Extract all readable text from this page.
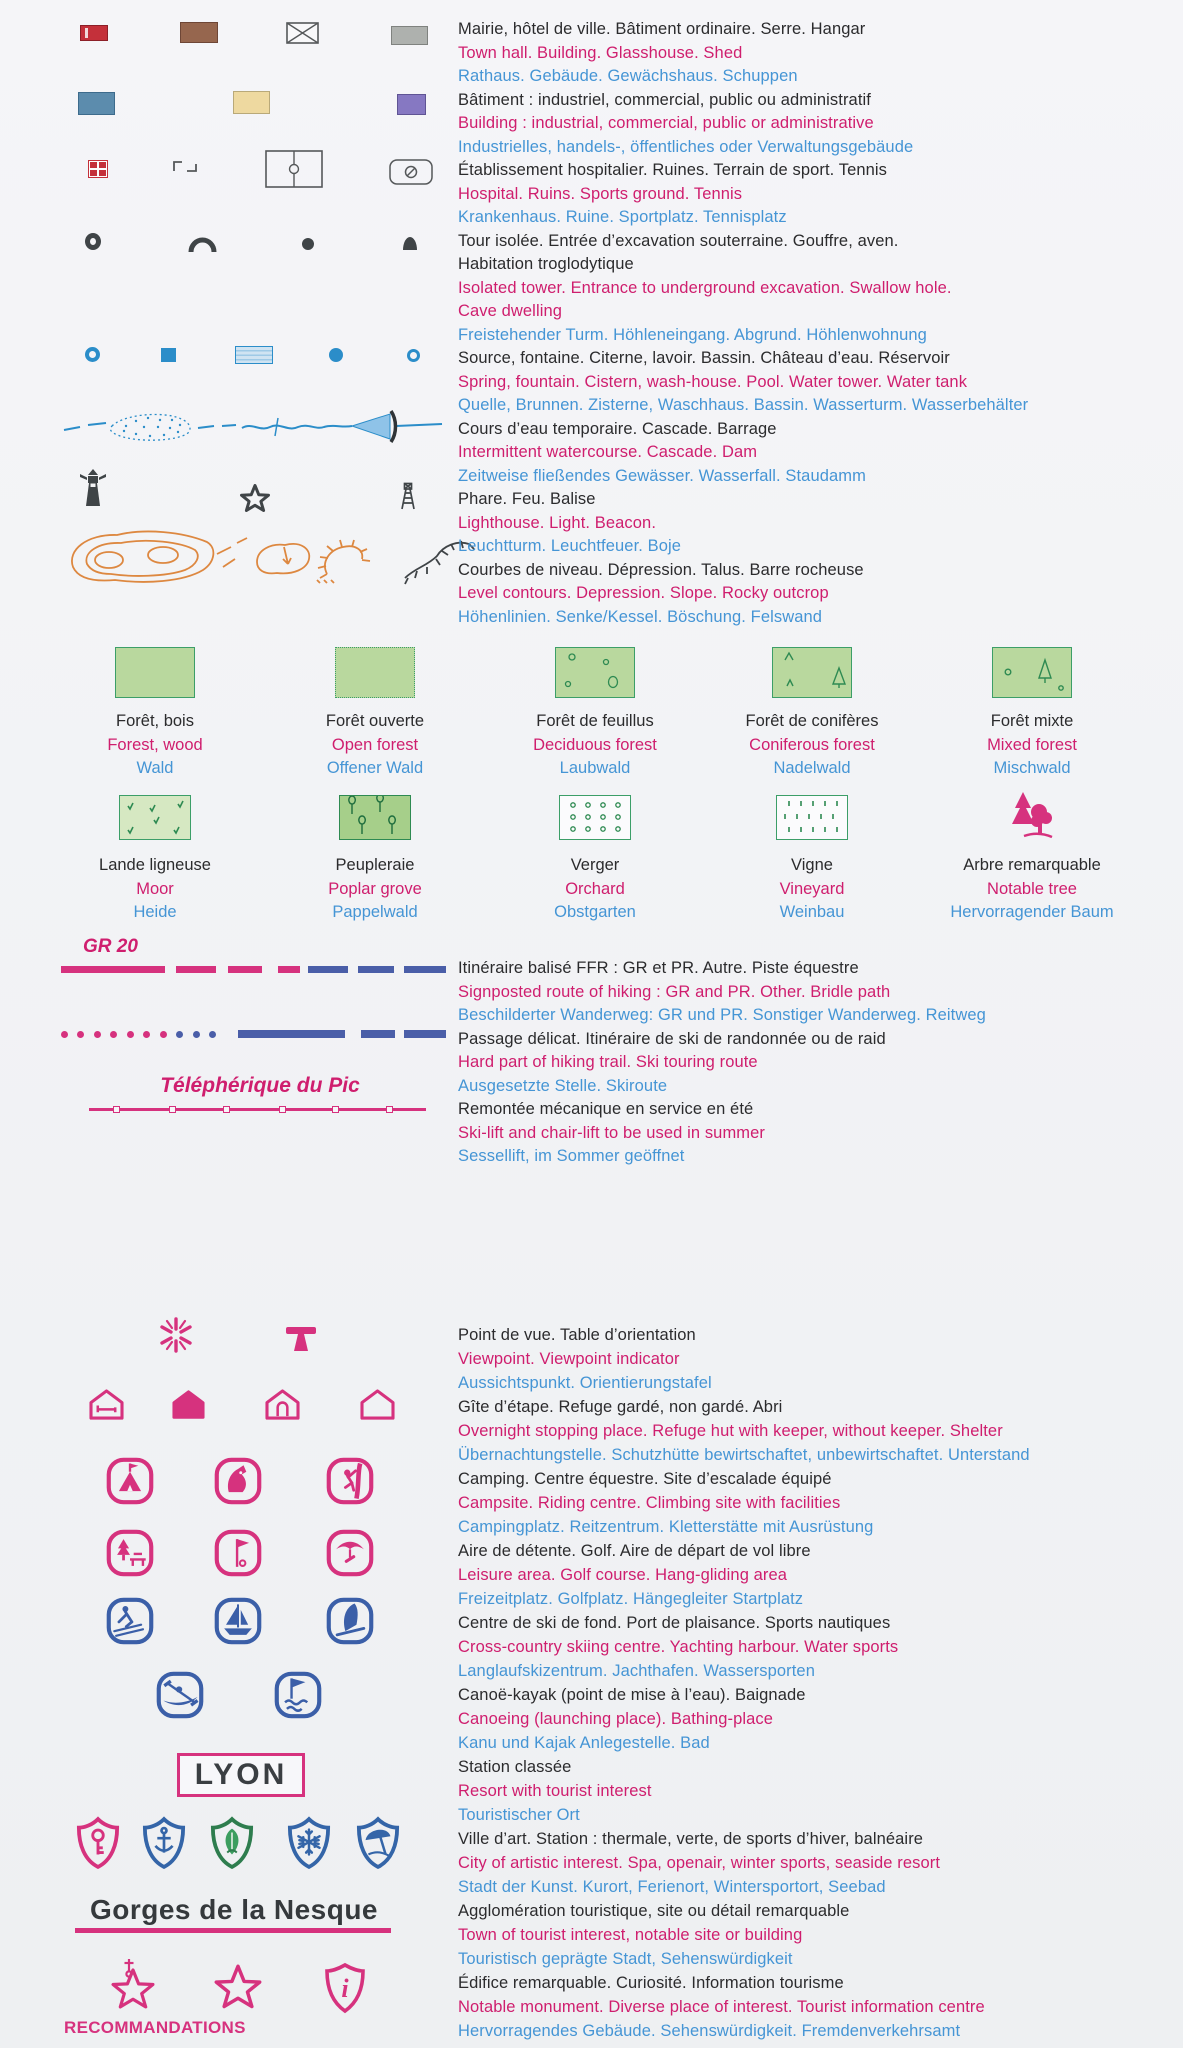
Mairie, hôtel de ville. Bâtiment ordinaire. Serre. Hangar
Town hall. Building. Glasshouse. Shed
Rathaus. Gebäude. Gewächshaus. Schuppen
Bâtiment : industriel, commercial, public ou administratif
Building : industrial, commercial, public or administrative
Industrielles, handels-, öffentliches oder Verwaltungsgebäude
Établissement hospitalier. Ruines. Terrain de sport. Tennis
Hospital. Ruins. Sports ground. Tennis
Krankenhaus. Ruine. Sportplatz. Tennisplatz
Tour isolée. Entrée d’excavation souterraine. Gouffre, aven.
Habitation troglodytique
Isolated tower. Entrance to underground excavation. Swallow hole.
Cave dwelling
Freistehender Turm. Höhleneingang. Abgrund. Höhlenwohnung
Source, fontaine. Citerne, lavoir. Bassin. Château d’eau. Réservoir
Spring, fountain. Cistern, wash-house. Pool. Water tower. Water tank
Quelle, Brunnen. Zisterne, Waschhaus. Bassin. Wasserturm. Wasserbehälter
Cours d’eau temporaire. Cascade. Barrage
Intermittent watercourse. Cascade. Dam
Zeitweise fließendes Gewässer. Wasserfall. Staudamm
Phare. Feu. Balise
Lighthouse. Light. Beacon.
Leuchtturm. Leuchtfeuer. Boje
Courbes de niveau. Dépression. Talus. Barre rocheuse
Level contours. Depression. Slope. Rocky outcrop
Höhenlinien. Senke/Kessel. Böschung. Felswand
Forêt, bois
Forest, wood
Wald
Forêt ouverte
Open forest
Offener Wald
Forêt de feuillus
Deciduous forest
Laubwald
Forêt de conifères
Coniferous forest
Nadelwald
Forêt mixte
Mixed forest
Mischwald
Lande ligneuse
Moor
Heide
Peupleraie
Poplar grove
Pappelwald
Verger
Orchard
Obstgarten
Vigne
Vineyard
Weinbau
Arbre remarquable
Notable tree
Hervorragender Baum
GR 20
Téléphérique du Pic
Itinéraire balisé FFR : GR et PR. Autre. Piste équestre
Signposted route of hiking : GR and PR. Other. Bridle path
Beschilderter Wanderweg: GR und PR. Sonstiger Wanderweg. Reitweg
Passage délicat. Itinéraire de ski de randonnée ou de raid
Hard part of hiking trail. Ski touring route
Ausgesetzte Stelle. Skiroute
Remontée mécanique en service en été
Ski-lift and chair-lift to be used in summer
Sessellift, im Sommer geöffnet
LYON
Gorges de la Nesque
i
RECOMMANDATIONS
Point de vue. Table d’orientation
Viewpoint. Viewpoint indicator
Aussichtspunkt. Orientierungstafel
Gîte d’étape. Refuge gardé, non gardé. Abri
Overnight stopping place. Refuge hut with keeper, without keeper. Shelter
Übernachtungstelle. Schutzhütte bewirtschaftet, unbewirtschaftet. Unterstand
Camping. Centre équestre. Site d’escalade équipé
Campsite. Riding centre. Climbing site with facilities
Campingplatz. Reitzentrum. Kletterstätte mit Ausrüstung
Aire de détente. Golf. Aire de départ de vol libre
Leisure area. Golf course. Hang-gliding area
Freizeitplatz. Golfplatz. Hängegleiter Startplatz
Centre de ski de fond. Port de plaisance. Sports nautiques
Cross-country skiing centre. Yachting harbour. Water sports
Langlaufskizentrum. Jachthafen. Wassersporten
Canoë-kayak (point de mise à l’eau). Baignade
Canoeing (launching place). Bathing-place
Kanu und Kajak Anlegestelle. Bad
Station classée
Resort with tourist interest
Touristischer Ort
Ville d’art. Station : thermale, verte, de sports d’hiver, balnéaire
City of artistic interest. Spa, openair, winter sports, seaside resort
Stadt der Kunst. Kurort, Ferienort, Wintersportort, Seebad
Agglomération touristique, site ou détail remarquable
Town of tourist interest, notable site or building
Touristisch geprägte Stadt, Sehenswürdigkeit
Édifice remarquable. Curiosité. Information tourisme
Notable monument. Diverse place of interest. Tourist information centre
Hervorragendes Gebäude. Sehenswürdigkeit. Fremdenverkehrsamt
